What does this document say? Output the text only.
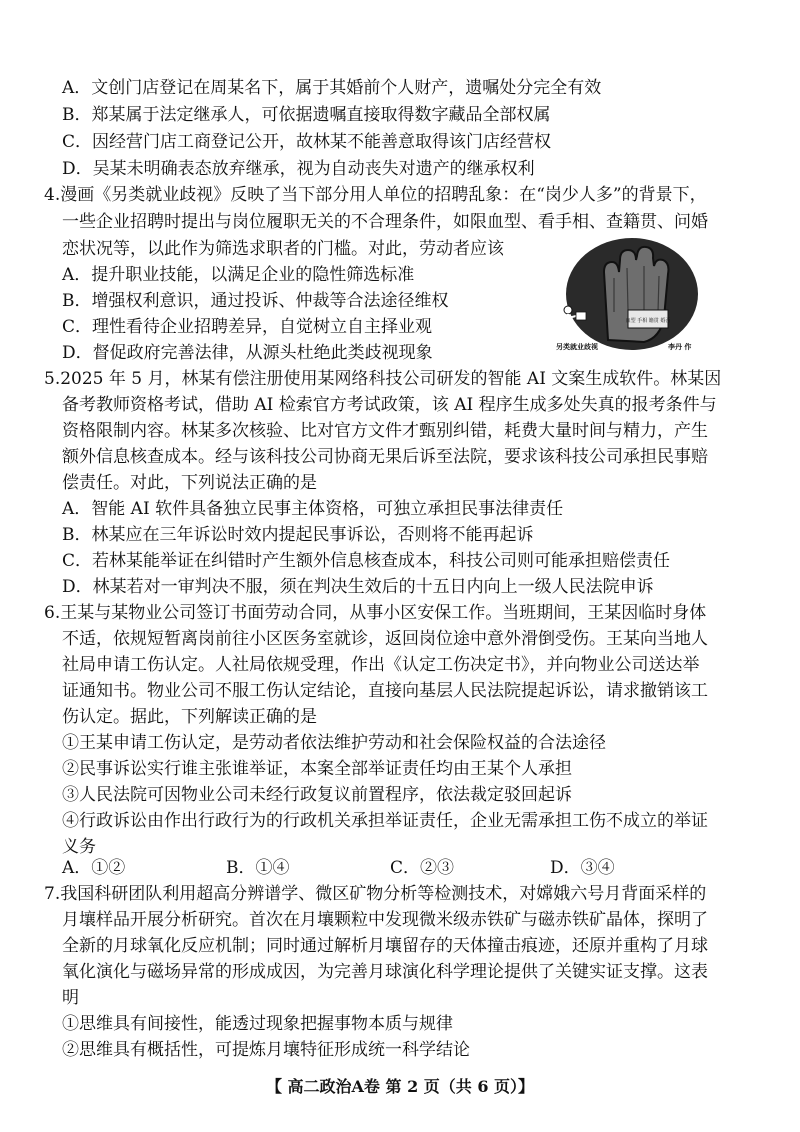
A．文创门店登记在周某名下，属于其婚前个人财产，遗嘱处分完全有效
B．郑某属于法定继承人，可依据遗嘱直接取得数字藏品全部权属
C．因经营门店工商登记公开，故林某不能善意取得该门店经营权
D．吴某未明确表态放弃继承，视为自动丧失对遗产的继承权利
4.漫画《另类就业歧视》反映了当下部分用人单位的招聘乱象：在“岗少人多”的背景下，
一些企业招聘时提出与岗位履职无关的不合理条件，如限血型、看手相、查籍贯、问婚
恋状况等，以此作为筛选求职者的门槛。对此，劳动者应该
A．提升职业技能，以满足企业的隐性筛选标准
B．增强权利意识，通过投诉、仲裁等合法途径维权
C．理性看待企业招聘差异，自觉树立自主择业观
D．督促政府完善法律，从源头杜绝此类歧视现象
血型 手相 籍贯 婚否
另类就业歧视	李丹 作
5.2025 年 5 月，林某有偿注册使用某网络科技公司研发的智能 AI 文案生成软件。林某因
备考教师资格考试，借助 AI 检索官方考试政策，该 AI 程序生成多处失真的报考条件与
资格限制内容。林某多次核验、比对官方文件才甄别纠错，耗费大量时间与精力，产生
额外信息核查成本。经与该科技公司协商无果后诉至法院，要求该科技公司承担民事赔
偿责任。对此，下列说法正确的是
A．智能 AI 软件具备独立民事主体资格，可独立承担民事法律责任
B．林某应在三年诉讼时效内提起民事诉讼，否则将不能再起诉
C．若林某能举证在纠错时产生额外信息核查成本，科技公司则可能承担赔偿责任
D．林某若对一审判决不服，须在判决生效后的十五日内向上一级人民法院申诉
6.王某与某物业公司签订书面劳动合同，从事小区安保工作。当班期间，王某因临时身体
不适，依规短暂离岗前往小区医务室就诊，返回岗位途中意外滑倒受伤。王某向当地人
社局申请工伤认定。人社局依规受理，作出《认定工伤决定书》，并向物业公司送达举
证通知书。物业公司不服工伤认定结论，直接向基层人民法院提起诉讼，请求撤销该工
伤认定。据此，下列解读正确的是
①王某申请工伤认定，是劳动者依法维护劳动和社会保险权益的合法途径
②民事诉讼实行谁主张谁举证，本案全部举证责任均由王某个人承担
③人民法院可因物业公司未经行政复议前置程序，依法裁定驳回起诉
④行政诉讼由作出行政行为的行政机关承担举证责任，企业无需承担工伤不成立的举证
义务
A．①②	B．①④	C．②③	D．③④
7.我国科研团队利用超高分辨谱学、微区矿物分析等检测技术，对嫦娥六号月背面采样的
月壤样品开展分析研究。首次在月壤颗粒中发现微米级赤铁矿与磁赤铁矿晶体，探明了
全新的月球氧化反应机制；同时通过解析月壤留存的天体撞击痕迹，还原并重构了月球
氧化演化与磁场异常的形成成因，为完善月球演化科学理论提供了关键实证支撑。这表
明
①思维具有间接性，能透过现象把握事物本质与规律
②思维具有概括性，可提炼月壤特征形成统一科学结论
【 高二政治A卷 第 2 页（共 6 页）】
